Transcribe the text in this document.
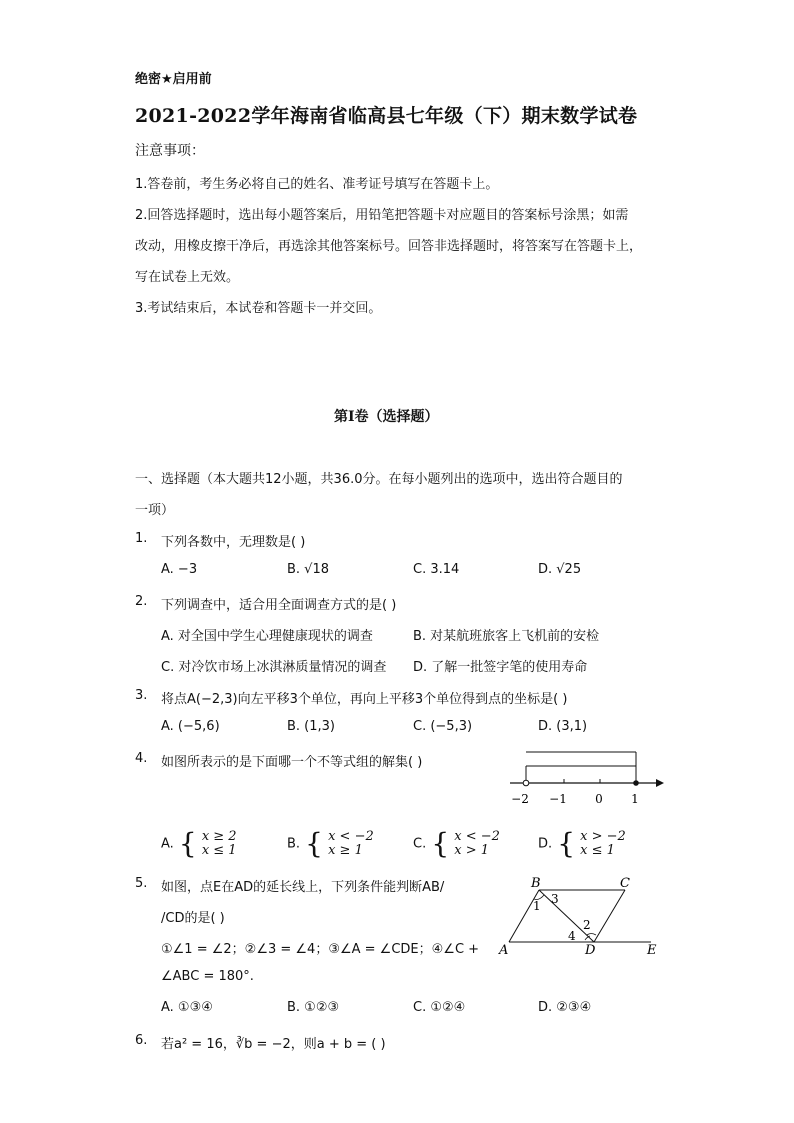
绝密★启用前
2021-2022学年海南省临高县七年级（下）期末数学试卷
注意事项：
1.答卷前，考生务必将自己的姓名、准考证号填写在答题卡上。
2.回答选择题时，选出每小题答案后，用铅笔把答题卡对应题目的答案标号涂黑；如需
改动，用橡皮擦干净后，再选涂其他答案标号。回答非选择题时，将答案写在答题卡上，
写在试卷上无效。
3.考试结束后，本试卷和答题卡一并交回。
第I卷（选择题）
一、选择题（本大题共12小题，共36.0分。在每小题列出的选项中，选出符合题目的
一项）
1. 下列各数中，无理数是( )
A. −3	B. √18	C. 3.14	D. √25
2. 下列调查中，适合用全面调查方式的是( )
A. 对全国中学生心理健康现状的调查	B. 对某航班旅客上飞机前的安检
C. 对冷饮市场上冰淇淋质量情况的调查 D. 了解一批签字笔的使用寿命
3. 将点A(−2,3)向左平移3个单位，再向上平移3个单位得到点的坐标是( )
A. (−5,6)	B. (1,3)	C. (−5,3)	D. (3,1)
4. 如图所表示的是下面哪一个不等式组的解集( )
−2 −1 0 1
A. { x ≥ 2
x ≤ 1	B. { x < −2
x ≥ 1	C. { x < −2
x > 1	D. { x > −2
x ≤ 1
5. 如图，点E在AD的延长线上，下列条件能判断AB/
/CD的是( )
①∠1 = ∠2；②∠3 = ∠4；③∠A = ∠CDE；④∠C +
∠ABC = 180°.
A. ①③④	B. ①②③	C. ①②④	D. ②③④
B	C
A	D	E
1 3
2
4
6. 若a² = 16，∛b = −2，则a + b = ( )
